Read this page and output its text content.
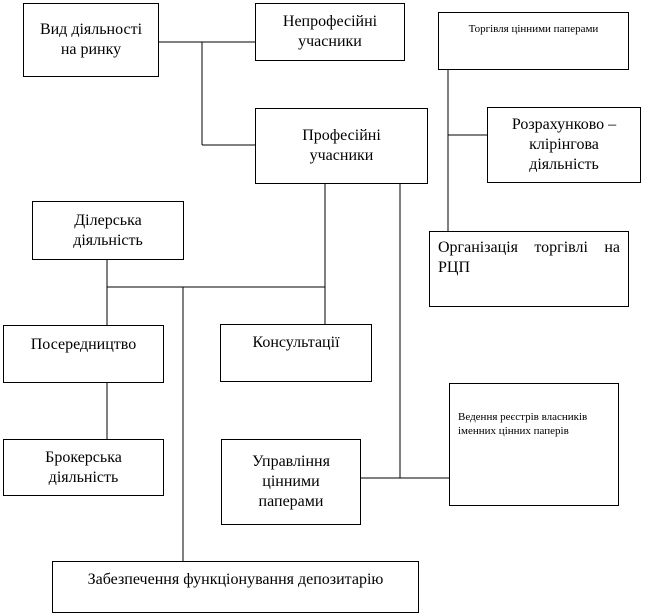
Вид діяльності
на ринку
Непрофесійні
учасники
Торгівля цінними паперами
Професійні
учасники
Розрахунково –
клірінгова
діяльність
Ділерська
діяльність	Організація торгівлі на РЦП
Посередництво	Консультації
Ведення реєстрів власників іменних цінних паперів
Брокерська
діяльність
Управління
цінними
паперами
Забезпечення функціонування депозитарію
